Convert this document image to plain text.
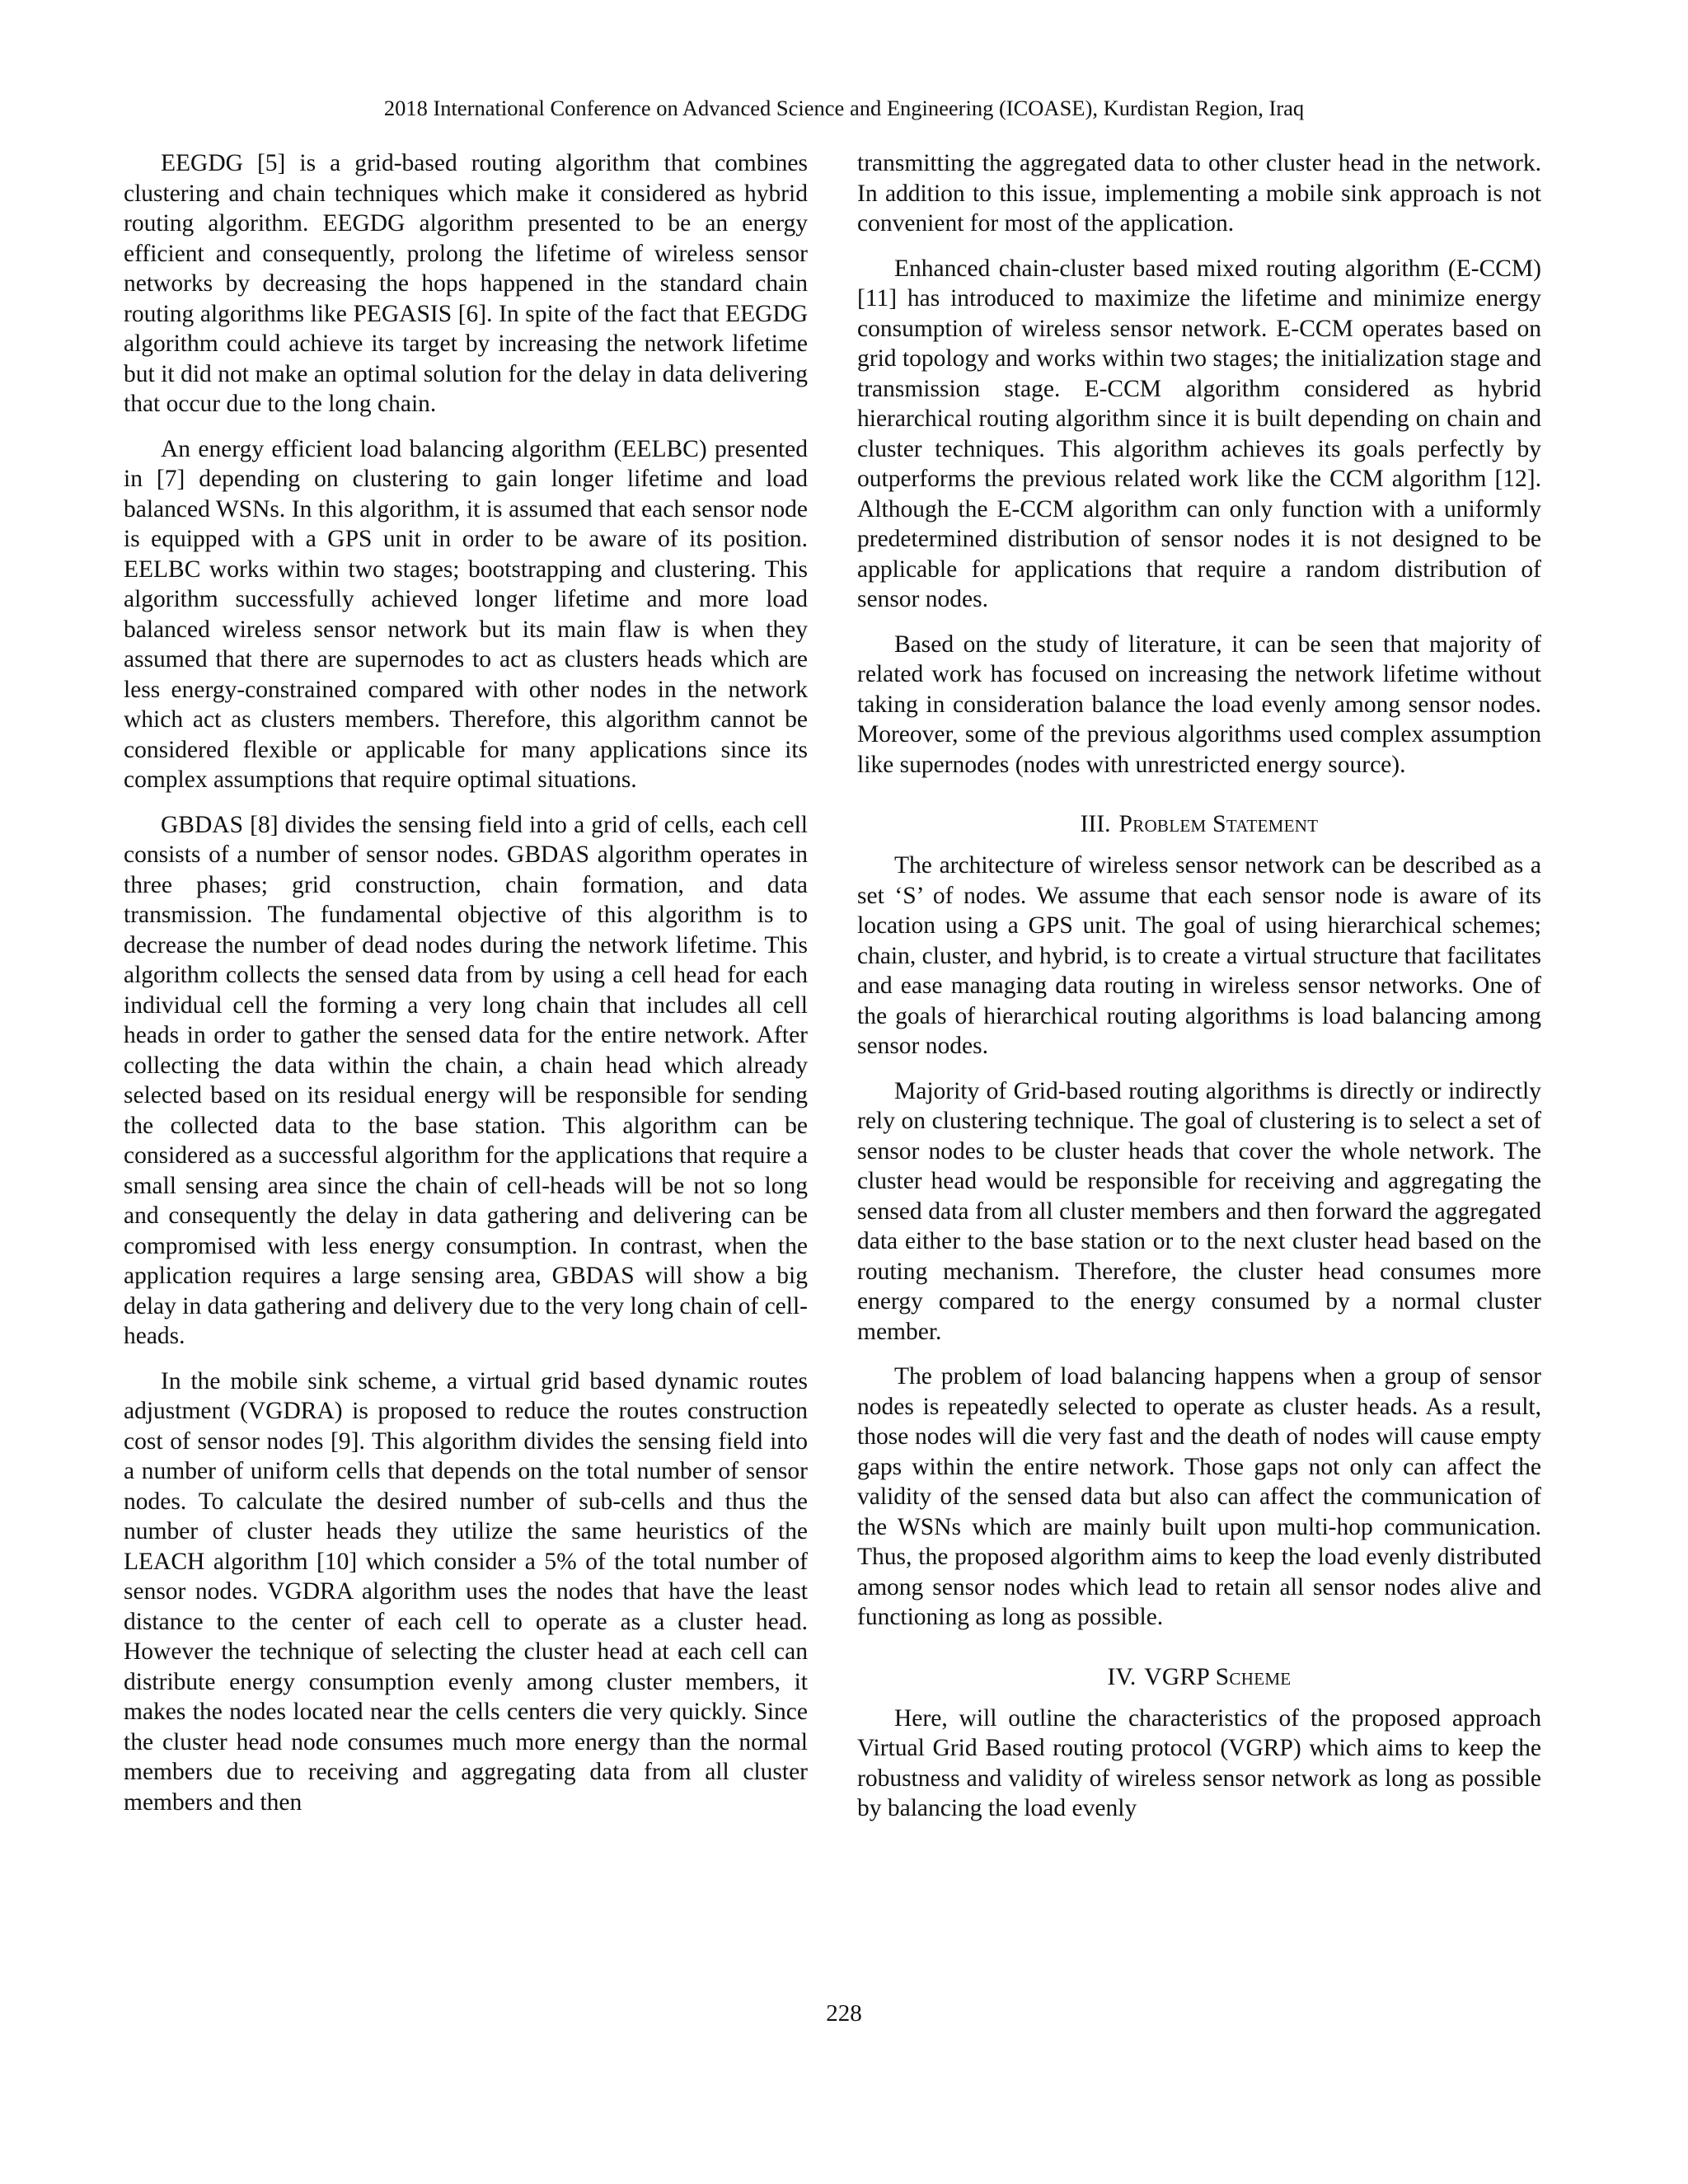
2018 International Conference on Advanced Science and Engineering (ICOASE), Kurdistan Region, Iraq

EEGDG [5] is a grid-based routing algorithm that combines clustering and chain techniques which make it considered as hybrid routing algorithm. EEGDG algorithm presented to be an energy efficient and consequently, prolong the lifetime of wireless sensor networks by decreasing the hops happened in the standard chain routing algorithms like PEGASIS [6]. In spite of the fact that EEGDG algorithm could achieve its target by increasing the network lifetime but it did not make an optimal solution for the delay in data delivering that occur due to the long chain.

An energy efficient load balancing algorithm (EELBC) presented in [7] depending on clustering to gain longer lifetime and load balanced WSNs. In this algorithm, it is assumed that each sensor node is equipped with a GPS unit in order to be aware of its position. EELBC works within two stages; bootstrapping and clustering. This algorithm successfully achieved longer lifetime and more load balanced wireless sensor network but its main flaw is when they assumed that there are supernodes to act as clusters heads which are less energy-constrained compared with other nodes in the network which act as clusters members. Therefore, this algorithm cannot be considered flexible or applicable for many applications since its complex assumptions that require optimal situations.

GBDAS [8] divides the sensing field into a grid of cells, each cell consists of a number of sensor nodes. GBDAS algorithm operates in three phases; grid construction, chain formation, and data transmission. The fundamental objective of this algorithm is to decrease the number of dead nodes during the network lifetime. This algorithm collects the sensed data from by using a cell head for each individual cell the forming a very long chain that includes all cell heads in order to gather the sensed data for the entire network. After collecting the data within the chain, a chain head which already selected based on its residual energy will be responsible for sending the collected data to the base station. This algorithm can be considered as a successful algorithm for the applications that require a small sensing area since the chain of cell-heads will be not so long and consequently the delay in data gathering and delivering can be compromised with less energy consumption. In contrast, when the application requires a large sensing area, GBDAS will show a big delay in data gathering and delivery due to the very long chain of cell-heads.

In the mobile sink scheme, a virtual grid based dynamic routes adjustment (VGDRA) is proposed to reduce the routes construction cost of sensor nodes [9]. This algorithm divides the sensing field into a number of uniform cells that depends on the total number of sensor nodes. To calculate the desired number of sub-cells and thus the number of cluster heads they utilize the same heuristics of the LEACH algorithm [10] which consider a 5% of the total number of sensor nodes. VGDRA algorithm uses the nodes that have the least distance to the center of each cell to operate as a cluster head. However the technique of selecting the cluster head at each cell can distribute energy consumption evenly among cluster members, it makes the nodes located near the cells centers die very quickly. Since the cluster head node consumes much more energy than the normal members due to receiving and aggregating data from all cluster members and then

transmitting the aggregated data to other cluster head in the network. In addition to this issue, implementing a mobile sink approach is not convenient for most of the application.

Enhanced chain-cluster based mixed routing algorithm (E-CCM) [11] has introduced to maximize the lifetime and minimize energy consumption of wireless sensor network. E-CCM operates based on grid topology and works within two stages; the initialization stage and transmission stage. E-CCM algorithm considered as hybrid hierarchical routing algorithm since it is built depending on chain and cluster techniques. This algorithm achieves its goals perfectly by outperforms the previous related work like the CCM algorithm [12]. Although the E-CCM algorithm can only function with a uniformly predetermined distribution of sensor nodes it is not designed to be applicable for applications that require a random distribution of sensor nodes.

Based on the study of literature, it can be seen that majority of related work has focused on increasing the network lifetime without taking in consideration balance the load evenly among sensor nodes. Moreover, some of the previous algorithms used complex assumption like supernodes (nodes with unrestricted energy source).

III. Problem Statement

The architecture of wireless sensor network can be described as a set ‘S’ of nodes. We assume that each sensor node is aware of its location using a GPS unit. The goal of using hierarchical schemes; chain, cluster, and hybrid, is to create a virtual structure that facilitates and ease managing data routing in wireless sensor networks. One of the goals of hierarchical routing algorithms is load balancing among sensor nodes.

Majority of Grid-based routing algorithms is directly or indirectly rely on clustering technique. The goal of clustering is to select a set of sensor nodes to be cluster heads that cover the whole network. The cluster head would be responsible for receiving and aggregating the sensed data from all cluster members and then forward the aggregated data either to the base station or to the next cluster head based on the routing mechanism. Therefore, the cluster head consumes more energy compared to the energy consumed by a normal cluster member.

The problem of load balancing happens when a group of sensor nodes is repeatedly selected to operate as cluster heads. As a result, those nodes will die very fast and the death of nodes will cause empty gaps within the entire network. Those gaps not only can affect the validity of the sensed data but also can affect the communication of the WSNs which are mainly built upon multi-hop communication. Thus, the proposed algorithm aims to keep the load evenly distributed among sensor nodes which lead to retain all sensor nodes alive and functioning as long as possible.

IV. VGRP Scheme

Here, will outline the characteristics of the proposed approach Virtual Grid Based routing protocol (VGRP) which aims to keep the robustness and validity of wireless sensor network as long as possible by balancing the load evenly

228
